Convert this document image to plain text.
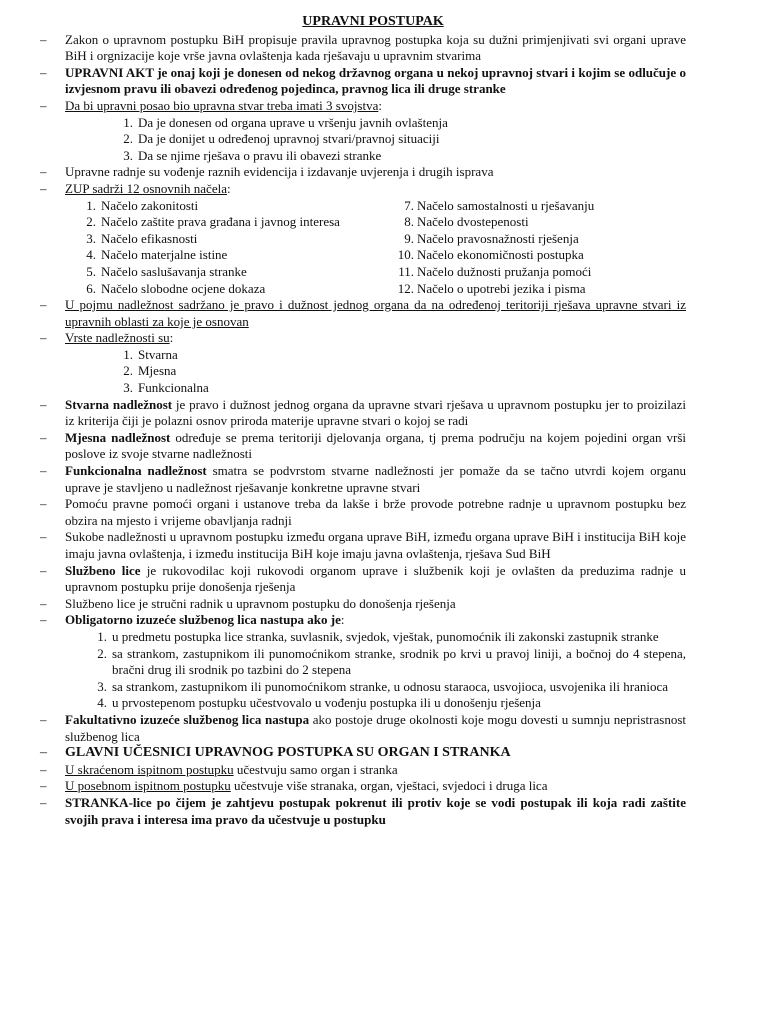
UPRAVNI POSTUPAK
– Zakon o upravnom postupku BiH propisuje pravila upravnog postupka koja su dužni primjenjivati svi organi uprave BiH i orgnizacije koje vrše javna ovlaštenja kada rješavaju u upravnim stvarima
– UPRAVNI AKT je onaj koji je donesen od nekog državnog organa u nekoj upravnoj stvari i kojim se odlučuje o izvjesnom pravu ili obavezi određenog pojedinca, pravnog lica ili druge stranke
– Da bi upravni posao bio upravna stvar treba imati 3 svojstva:
1. Da je donesen od organa uprave u vršenju javnih ovlaštenja
2. Da je donijet u određenoj upravnoj stvari/pravnoj situaciji
3. Da se njime rješava o pravu ili obavezi stranke
– Upravne radnje su vođenje raznih evidencija i izdavanje uvjerenja i drugih isprava
– ZUP sadrži 12 osnovnih načela:
1. Načelo zakonitosti
2. Načelo zaštite prava građana i javnog interesa
3. Načelo efikasnosti
4. Načelo materjalne istine
5. Načelo saslušavanja stranke
6. Načelo slobodne ocjene dokaza
7. Načelo samostalnosti u rješavanju
8. Načelo dvostepenosti
9. Načelo pravosnažnosti rješenja
10. Načelo ekonomičnosti postupka
11. Načelo dužnosti pružanja pomoći
12. Načelo o upotrebi jezika i pisma
– U pojmu nadležnost sadržano je pravo i dužnost jednog organa da na određenoj teritoriji rješava upravne stvari iz upravnih oblasti za koje je osnovan
– Vrste nadležnosti su:
1. Stvarna
2. Mjesna
3. Funkcionalna
– Stvarna nadležnost je pravo i dužnost jednog organa da upravne stvari rješava u upravnom postupku jer to proizilazi iz kriterija čiji je polazni osnov priroda materije upravne stvari o kojoj se radi
– Mjesna nadležnost određuje se prema teritoriji djelovanja organa, tj prema području na kojem pojedini organ vrši poslove iz svoje stvarne nadležnosti
– Funkcionalna nadležnost smatra se podvrstom stvarne nadležnosti jer pomaže da se tačno utvrdi kojem organu uprave je stavljeno u nadležnost rješavanje konkretne upravne stvari
– Pomoću pravne pomoći organi i ustanove treba da lakše i brže provode potrebne radnje u upravnom postupku bez obzira na mjesto i vrijeme obavljanja radnji
– Sukobe nadležnosti u upravnom postupku između organa uprave BiH, između organa uprave BiH i institucija BiH koje imaju javna ovlaštenja, i između institucija BiH koje imaju javna ovlaštenja, rješava Sud BiH
– Službeno lice je rukovodilac koji rukovodi organom uprave i službenik koji je ovlašten da preduzima radnje u upravnom postupku prije donošenja rješenja
– Službeno lice je stručni radnik u upravnom postupku do donošenja rješenja
– Obligatorno izuzeće službenog lica nastupa ako je:
1. u predmetu postupka lice stranka, suvlasnik, svjedok, vještak, punomoćnik ili zakonski zastupnik stranke
2. sa strankom, zastupnikom ili punomoćnikom stranke, srodnik po krvi u pravoj liniji, a bočnoj do 4 stepena, bračni drug ili srodnik po tazbini do 2 stepena
3. sa strankom, zastupnikom ili punomoćnikom stranke, u odnosu staraoca, usvojioca, usvojenika ili hranioca
4. u prvostepenom postupku učestvovalo u vođenju postupka ili u donošenju rješenja
– Fakultativno izuzeće službenog lica nastupa ako postoje druge okolnosti koje mogu dovesti u sumnju nepristrasnost službenog lica
– GLAVNI UČESNICI UPRAVNOG POSTUPKA SU ORGAN I STRANKA
– U skraćenom ispitnom postupku učestvuju samo organ i stranka
– U posebnom ispitnom postupku učestvuje više stranaka, organ, vještaci, svjedoci i druga lica
– STRANKA-lice po čijem je zahtjevu postupak pokrenut ili protiv koje se vodi postupak ili koja radi zaštite svojih prava i interesa ima pravo da učestvuje u postupku
